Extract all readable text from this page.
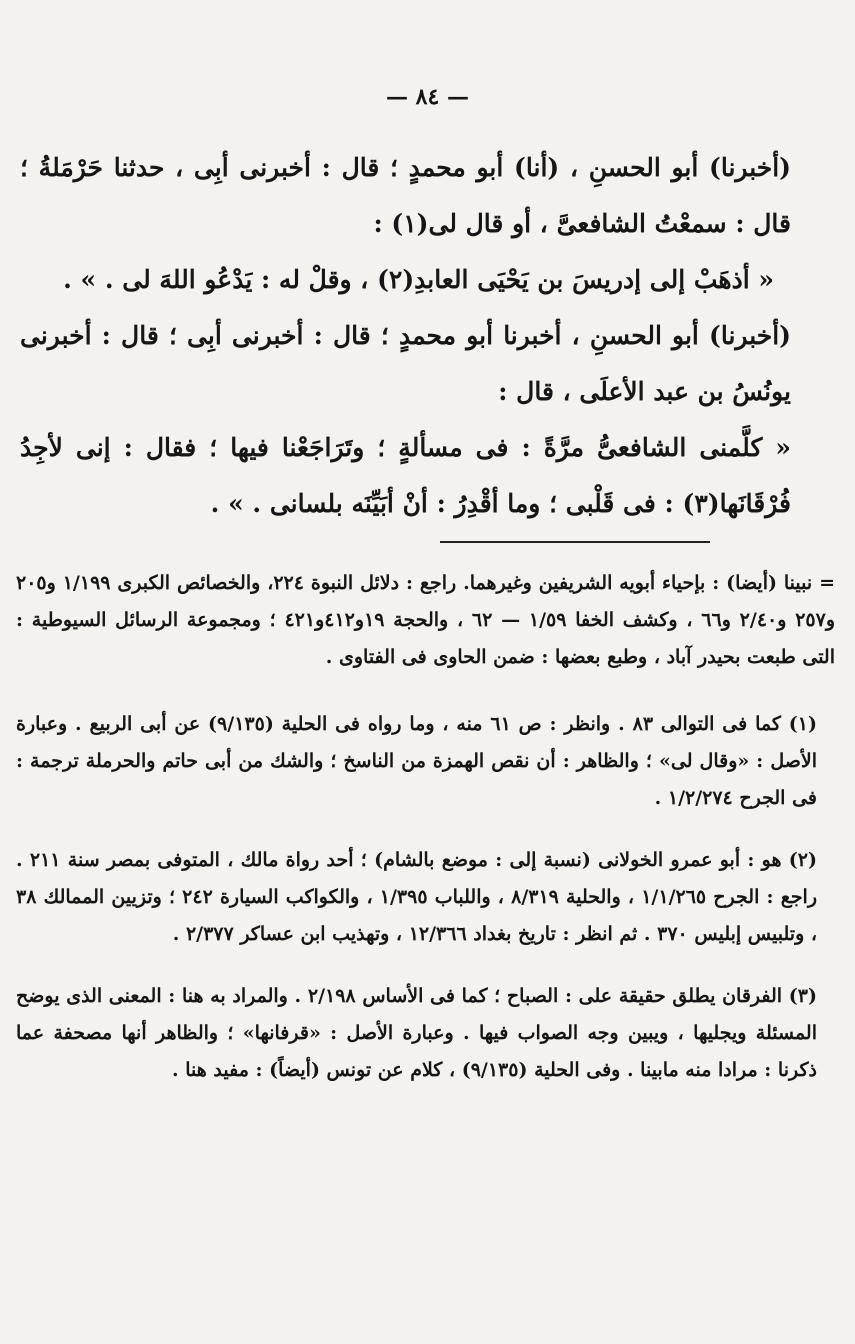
— ٨٤ —

(أخبرنا) أبو الحسنِ ، (أنا) أبو محمدٍ ؛ قال : أخبرنى أبِى ، حدثنا حَرْمَلةُ ؛ قال : سمعْتُ الشافعىَّ ، أو قال لى(١) :

« أذهَبْ إلى إدريسَ بن يَحْيَى العابدِ(٢) ، وقلْ له : يَدْعُو اللهَ لى . » .

(أخبرنا) أبو الحسنِ ، أخبرنا أبو محمدٍ ؛ قال : أخبرنى أبِى ؛ قال : أخبرنى يونُسُ بن عبد الأعلَى ، قال :

« كلَّمنى الشافعىُّ مرَّةً : فى مسألةٍ ؛ وتَرَاجَعْنا فيها ؛ فقال : إنى لأجِدُ فُرْقَانَها(٣) : فى قَلْبى ؛ وما أقْدِرُ : أنْ أبَيِّنَه بلسانى . » .

= نبينا (أيضا) : بإحياء أبويه الشريفين وغيرهما. راجع : دلائل النبوة ٢٢٤، والخصائص الكبرى ١/١٩٩ و٢٠٥ و٢٥٧ و٢/٤٠ و٦٦ ، وكشف الخفا ١/٥٩ — ٦٢ ، والحجة ١٩و٤١٢و٤٢١ ؛ ومجموعة الرسائل السيوطية : التى طبعت بحيدر آباد ، وطبع بعضها : ضمن الحاوى فى الفتاوى .

(١) كما فى التوالى ٨٣ . وانظر : ص ٦١ منه ، وما رواه فى الحلية (٩/١٣٥) عن أبى الربيع . وعبارة الأصل : «وقال لى» ؛ والظاهر : أن نقص الهمزة من الناسخ ؛ والشك من أبى حاتم والحرملة ترجمة : فى الجرح ١/٢/٢٧٤ .

(٢) هو : أبو عمرو الخولانى (نسبة إلى : موضع بالشام) ؛ أحد رواة مالك ، المتوفى بمصر سنة ٢١١ . راجع : الجرح ١/١/٢٦٥ ، والحلية ٨/٣١٩ ، واللباب ١/٣٩٥ ، والكواكب السيارة ٢٤٢ ؛ وتزيين الممالك ٣٨ ، وتلبيس إبليس ٣٧٠ . ثم انظر : تاريخ بغداد ١٢/٣٦٦ ، وتهذيب ابن عساكر ٢/٣٧٧ .

(٣) الفرقان يطلق حقيقة على : الصباح ؛ كما فى الأساس ٢/١٩٨ . والمراد به هنا : المعنى الذى يوضح المسئلة ويجليها ، ويبين وجه الصواب فيها . وعبارة الأصل : «قرفانها» ؛ والظاهر أنها مصحفة عما ذكرنا : مرادا منه مابينا . وفى الحلية (٩/١٣٥) ، كلام عن تونس (أيضاً) : مفيد هنا .
